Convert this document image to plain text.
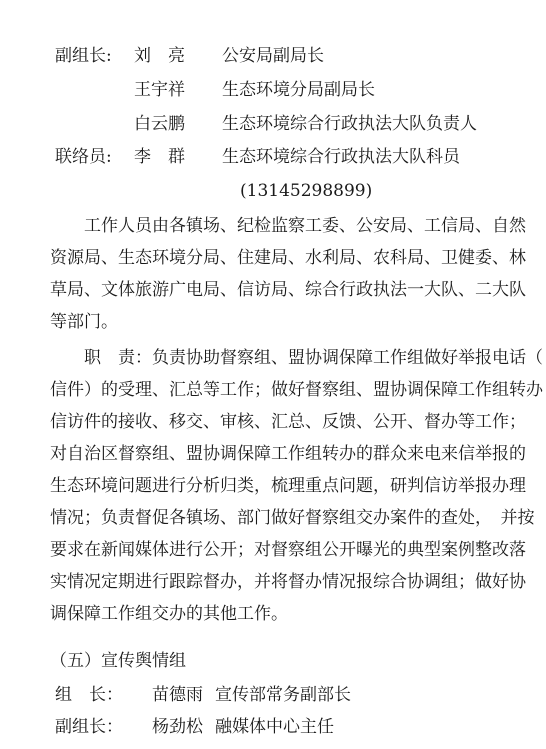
副组长: 刘　亮 公安局副局长
王宇祥 生态环境分局副局长
白云鹏 生态环境综合行政执法大队负责人
联络员: 李　群 生态环境综合行政执法大队科员
(13145298899)
　　工作人员由各镇场、纪检监察工委、公安局、工信局、自然
资源局、生态环境分局、住建局、水利局、农科局、卫健委、林
草局、文体旅游广电局、信访局、综合行政执法一大队、二大队
等部门。
　　职　责：负责协助督察组、盟协调保障工作组做好举报电话（
信件）的受理、汇总等工作；做好督察组、盟协调保障工作组转办
信访件的接收、移交、审核、汇总、反馈、公开、督办等工作；
对自治区督察组、盟协调保障工作组转办的群众来电来信举报的
生态环境问题进行分析归类，梳理重点问题，研判信访举报办理
情况；负责督促各镇场、部门做好督察组交办案件的查处，　并按
要求在新闻媒体进行公开；对督察组公开曝光的典型案例整改落
实情况定期进行跟踪督办，并将督办情况报综合协调组；做好协
调保障工作组交办的其他工作。
（五）宣传舆情组
组　长： 苗德雨 宣传部常务副部长
副组长： 杨劲松 融媒体中心主任
